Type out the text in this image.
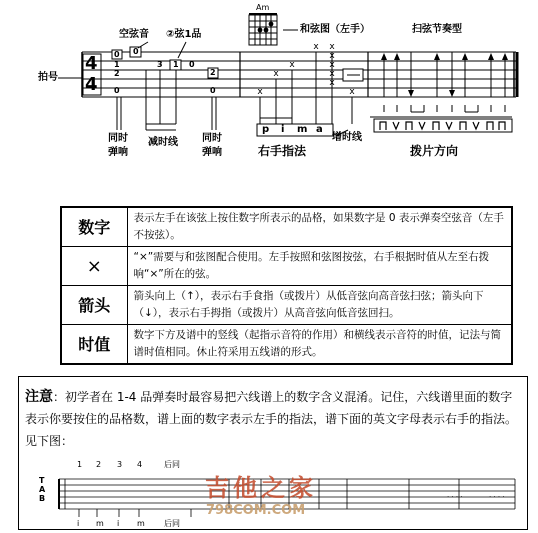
x
x
x
x x
x
x
x
x
x
空弦音 ②弦1品
Am
和弦图（左手）	扫弦节奏型
拍号
4
4
0
1
2
0
0
3 1 0
2
0
同时
弹响
减时线 同时
弹响
p i m a
右手指法
增时线
拨片方向
数字	表示左手在该弦上按住数字所表示的品格，如果数字是 0 表示弹奏空弦音（左手不按弦）。
×	“×”需要与和弦图配合使用。左手按照和弦图按弦，右手根据时值从左至右拨响“×”所在的弦。
箭头	箭头向上（↑），表示右手食指（或拨片）从低音弦向高音弦扫弦；箭头向下（↓），表示右手拇指（或拨片）从高音弦向低音弦回扫。
时值	数字下方及谱中的竖线（起指示音符的作用）和横线表示音符的时值，记法与简谱时值相同。休止符采用五线谱的形式。
注意：初学者在 1-4 品弹奏时最容易把六线谱上的数字含义混淆。记住，六线谱里面的数字表示你要按住的品格数，谱上面的数字表示左手的指法，谱下面的英文字母表示右手的指法。见下图：
. . . .	. . . .
1 2 3 4	后同
T
A
B
i m i m 后同
吉他之家
798COM.COM
